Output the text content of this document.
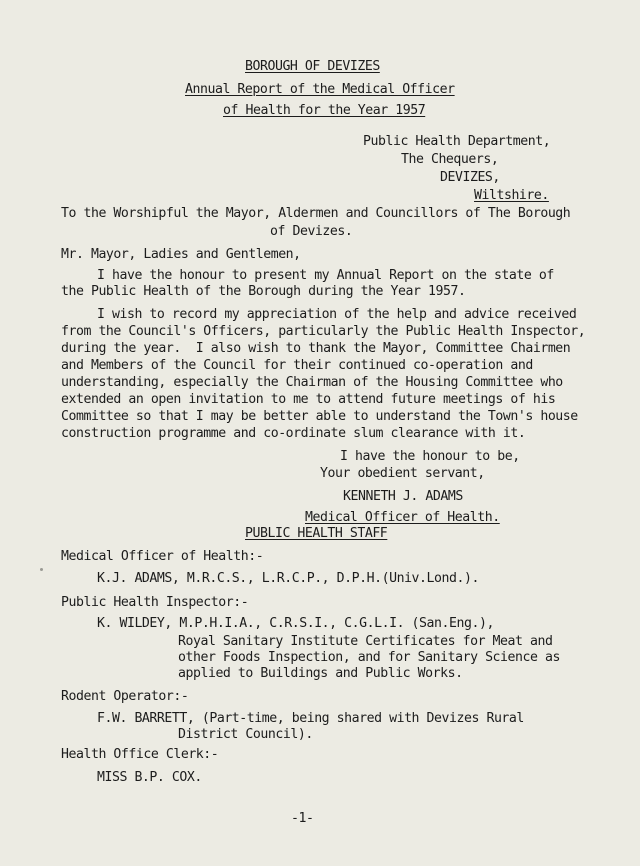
BOROUGH OF DEVIZES
Annual Report of the Medical Officer
of Health for the Year 1957
Public Health Department,
The Chequers,
DEVIZES,
Wiltshire.
To the Worshipful the Mayor, Aldermen and Councillors of The Borough
of Devizes.
Mr. Mayor, Ladies and Gentlemen,
I have the honour to present my Annual Report on the state of
the Public Health of the Borough during the Year 1957.
I wish to record my appreciation of the help and advice received
from the Council's Officers, particularly the Public Health Inspector,
during the year.  I also wish to thank the Mayor, Committee Chairmen
and Members of the Council for their continued co-operation and
understanding, especially the Chairman of the Housing Committee who
extended an open invitation to me to attend future meetings of his
Committee so that I may be better able to understand the Town's house
construction programme and co-ordinate slum clearance with it.
I have the honour to be,
Your obedient servant,
KENNETH J. ADAMS
Medical Officer of Health.
PUBLIC HEALTH STAFF
Medical Officer of Health:-
K.J. ADAMS, M.R.C.S., L.R.C.P., D.P.H.(Univ.Lond.).
Public Health Inspector:-
K. WILDEY, M.P.H.I.A., C.R.S.I., C.G.L.I. (San.Eng.),
Royal Sanitary Institute Certificates for Meat and
other Foods Inspection, and for Sanitary Science as
applied to Buildings and Public Works.
Rodent Operator:-
F.W. BARRETT, (Part-time, being shared with Devizes Rural
District Council).
Health Office Clerk:-
MISS B.P. COX.
-1-
